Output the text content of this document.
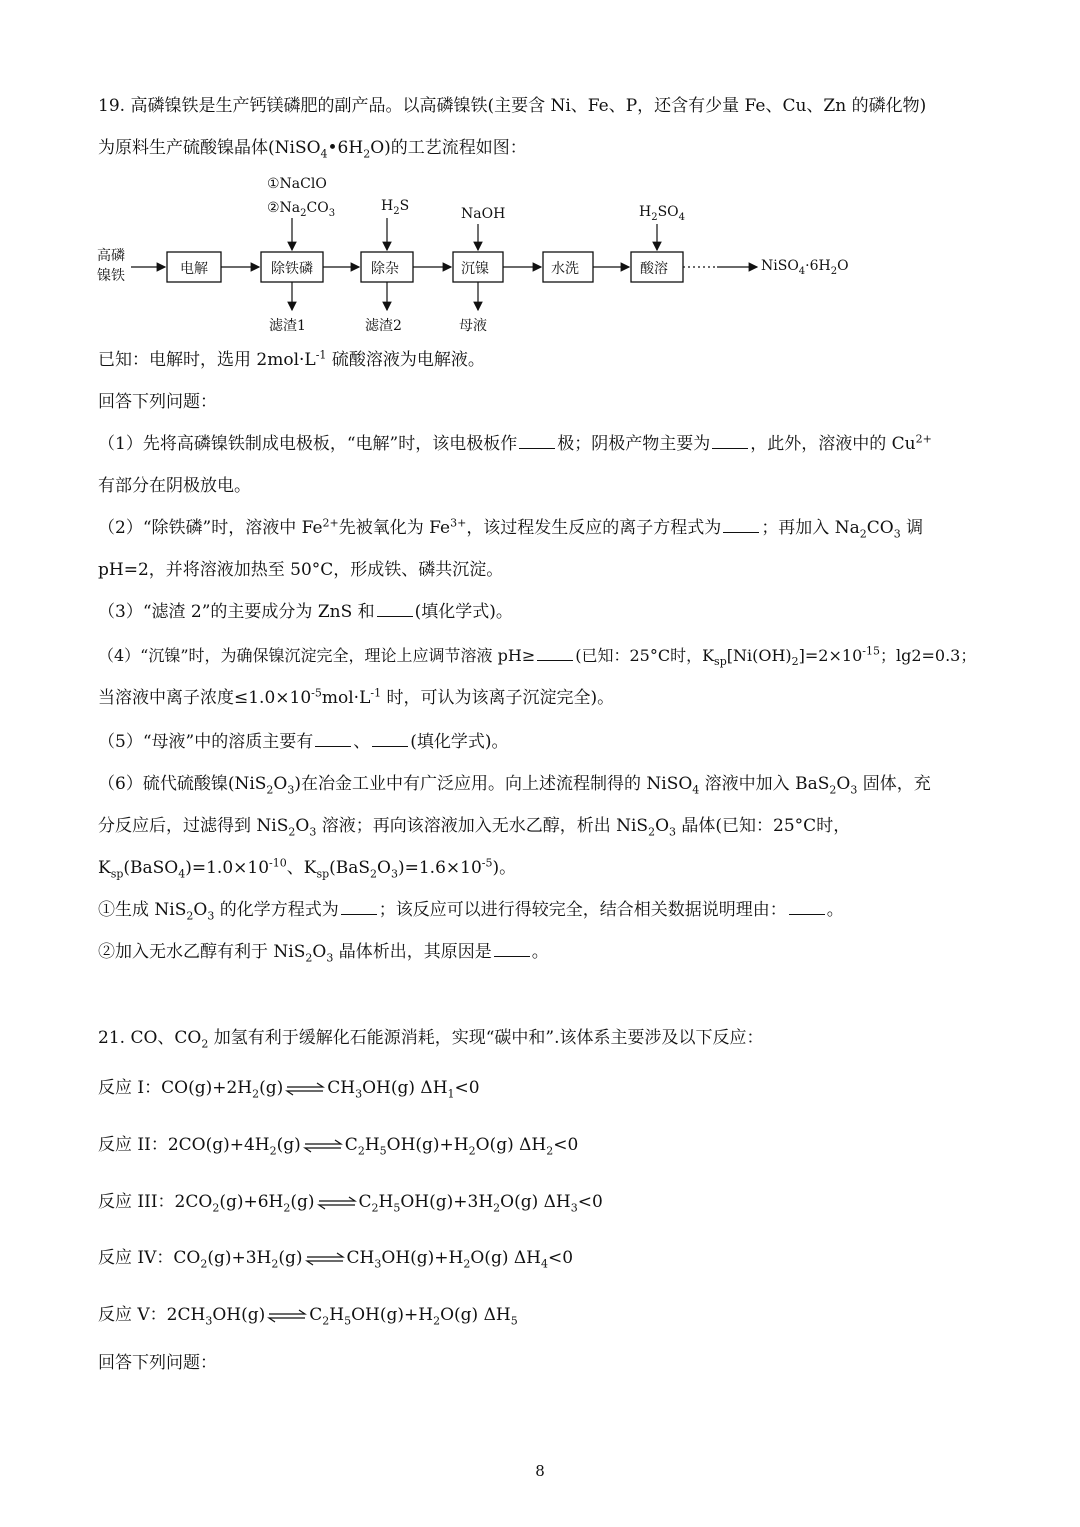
19. 高磷镍铁是生产钙镁磷肥的副产品。以高磷镍铁(主要含 Ni、Fe、P，还含有少量 Fe、Cu、Zn 的磷化物)
为原料生产硫酸镍晶体$(NiSO_4•6H_2O)$的工艺流程如图：
高磷
镍铁	电解	除铁磷
①NaClO
$②Na_2CO_3$
滤渣1
除杂
$H_2S$
滤渣2
沉镍
NaOH
母液
水洗	酸溶
$H_2SO_4$
$NiSO_4\cdot 6H_2O$
已知：电解时，选用 $2mol\cdot L^{-1}$ 硫酸溶液为电解液。
回答下列问题：
（1）先将高磷镍铁制成电极板，“电解”时，该电极板作 极；阴极产物主要为 ，此外，溶液中的 $Cu^{2+}$
有部分在阴极放电。
（2）“除铁磷”时，溶液中 $Fe^{2+}$先被氧化为 $Fe^{3+}$，该过程发生反应的离子方程式为 ；再加入 $Na_2CO_3$ 调
pH=2，并将溶液加热至 50°C，形成铁、磷共沉淀。
（3）“滤渣 2”的主要成分为 ZnS 和 (填化学式)。
（4）“沉镍”时，为确保镍沉淀完全，理论上应调节溶液 pH≥	(已知：25°C时，$K_{sp}[Ni(OH)_2]=2\times 10^{-15}$；lg2=0.3；
当溶液中离子浓度$\le 1.0\times 10^{-5}mol\cdot L^{-1}$ 时，可认为该离子沉淀完全)。
（5）“母液”中的溶质主要有 、 (填化学式)。
（6）硫代硫酸镍$(NiS_2O_3)$在冶金工业中有广泛应用。向上述流程制得的 NiSO$_4$ 溶液中加入 $BaS_2O_3$ 固体，充
分反应后，过滤得到 $NiS_2O_3$ 溶液；再向该溶液加入无水乙醇，析出 $NiS_2O_3$ 晶体(已知：25°C时，
$K_{sp}(BaSO_4)=1.0\times 10^{-10}$、$K_{sp}(BaS_2O_3)=1.6\times 10^{-5}$)。
①生成 $NiS_2O_3$ 的化学方程式为 ；该反应可以进行得较完全，结合相关数据说明理由： 。
②加入无水乙醇有利于 $NiS_2O_3$ 晶体析出，其原因是 。
21. CO、$CO_2$ 加氢有利于缓解化石能源消耗，实现“碳中和”.该体系主要涉及以下反应：
反应 I：$CO(g)+2H_2(g)$ ⇌ $CH_3OH(g)$ $\Delta H_1<0$
反应 II：$2CO(g)+4H_2(g)$ ⇌ $C_2H_5OH(g)+H_2O(g)$ $\Delta H_2<0$
反应 III：$2CO_2(g)+6H_2(g)$ ⇌ $C_2H_5OH(g)+3H_2O(g)$ $\Delta H_3<0$
反应 IV：$CO_2(g)+3H_2(g)$ ⇌ $CH_3OH(g)+H_2O(g)$ $\Delta H_4<0$
反应 V：$2CH_3OH(g)$ ⇌ $C_2H_5OH(g)+H_2O(g)$ $\Delta H_5$
回答下列问题：
8
